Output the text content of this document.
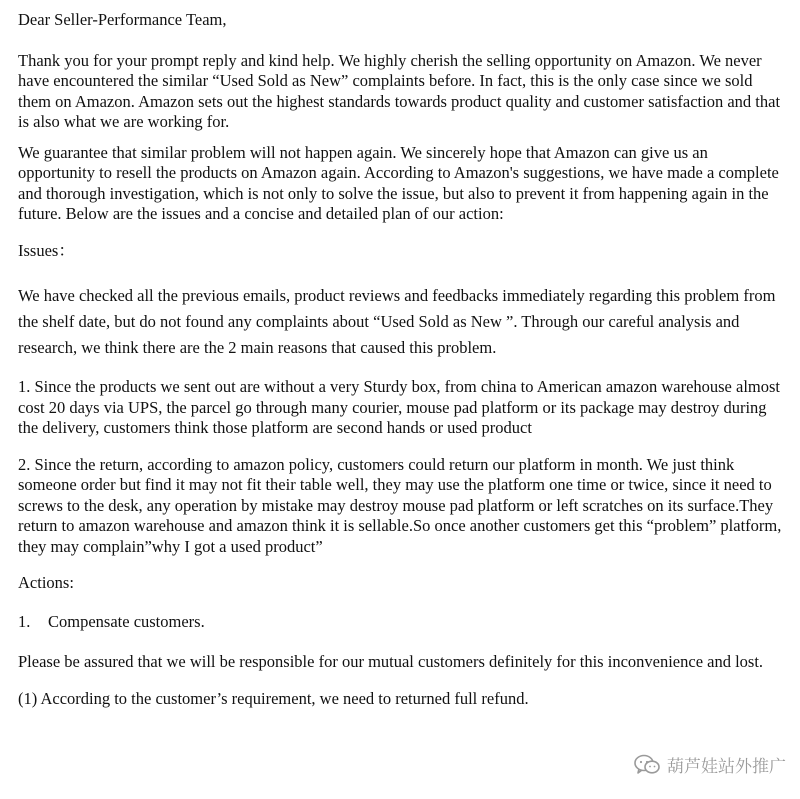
Dear Seller-Performance Team,

Thank you for your prompt reply and kind help. We highly cherish the selling opportunity on Amazon. We never have encountered the similar “Used Sold as New” complaints before. In fact, this is the only case since we sold them on Amazon. Amazon sets out the highest standards towards product quality and customer satisfaction and that is also what we are working for.

We guarantee that similar problem will not happen again. We sincerely hope that Amazon can give us an opportunity to resell the products on Amazon again. According to Amazon's suggestions, we have made a complete and thorough investigation, which is not only to solve the issue, but also to prevent it from happening again in the future. Below are the issues and a concise and detailed plan of our action:

Issues：

We have checked all the previous emails, product reviews and feedbacks immediately regarding this problem from the shelf date, but do not found any complaints about “Used Sold as New ”. Through our careful analysis and research, we think there are the 2 main reasons that caused this problem.

1. Since the products we sent out are without a very Sturdy box, from china to American amazon warehouse almost cost 20 days via UPS, the parcel go through many courier, mouse pad platform or its package may destroy during the delivery, customers think those platform are second hands or used product

2. Since the return, according to amazon policy, customers could return our platform in month. We just think someone order but find it may not fit their table well, they may use the platform one time or twice, since it need to screws to the desk, any operation by mistake may destroy mouse pad platform or left scratches on its surface.They return to amazon warehouse and amazon think it is sellable.So once another customers get this “problem” platform, they may complain”why I got a used product”

Actions:

1. Compensate customers.

Please be assured that we will be responsible for our mutual customers definitely for this inconvenience and lost.

(1) According to the customer’s requirement, we need to returned full refund.

葫芦娃站外推广
